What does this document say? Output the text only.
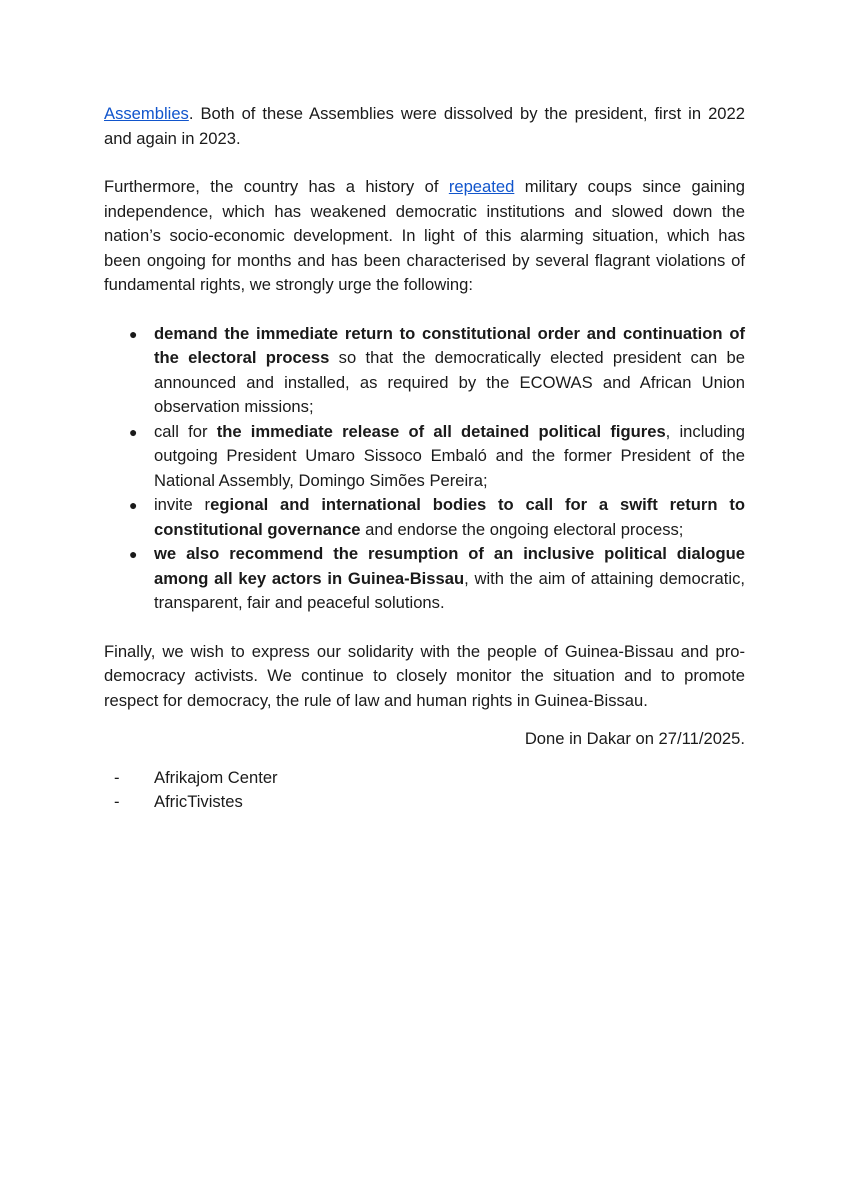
Assemblies. Both of these Assemblies were dissolved by the president, first in 2022 and again in 2023.

Furthermore, the country has a history of repeated military coups since gaining independence, which has weakened democratic institutions and slowed down the nation’s socio-economic development. In light of this alarming situation, which has been ongoing for months and has been characterised by several flagrant violations of fundamental rights, we strongly urge the following:

● demand the immediate return to constitutional order and continuation of the electoral process so that the democratically elected president can be announced and installed, as required by the ECOWAS and African Union observation missions;
● call for the immediate release of all detained political figures, including outgoing President Umaro Sissoco Embaló and the former President of the National Assembly, Domingo Simões Pereira;
● invite regional and international bodies to call for a swift return to constitutional governance and endorse the ongoing electoral process;
● we also recommend the resumption of an inclusive political dialogue among all key actors in Guinea-Bissau, with the aim of attaining democratic, transparent, fair and peaceful solutions.

Finally, we wish to express our solidarity with the people of Guinea-Bissau and pro-democracy activists. We continue to closely monitor the situation and to promote respect for democracy, the rule of law and human rights in Guinea-Bissau.

Done in Dakar on 27/11/2025.

- Afrikajom Center
- AfricTivistes
